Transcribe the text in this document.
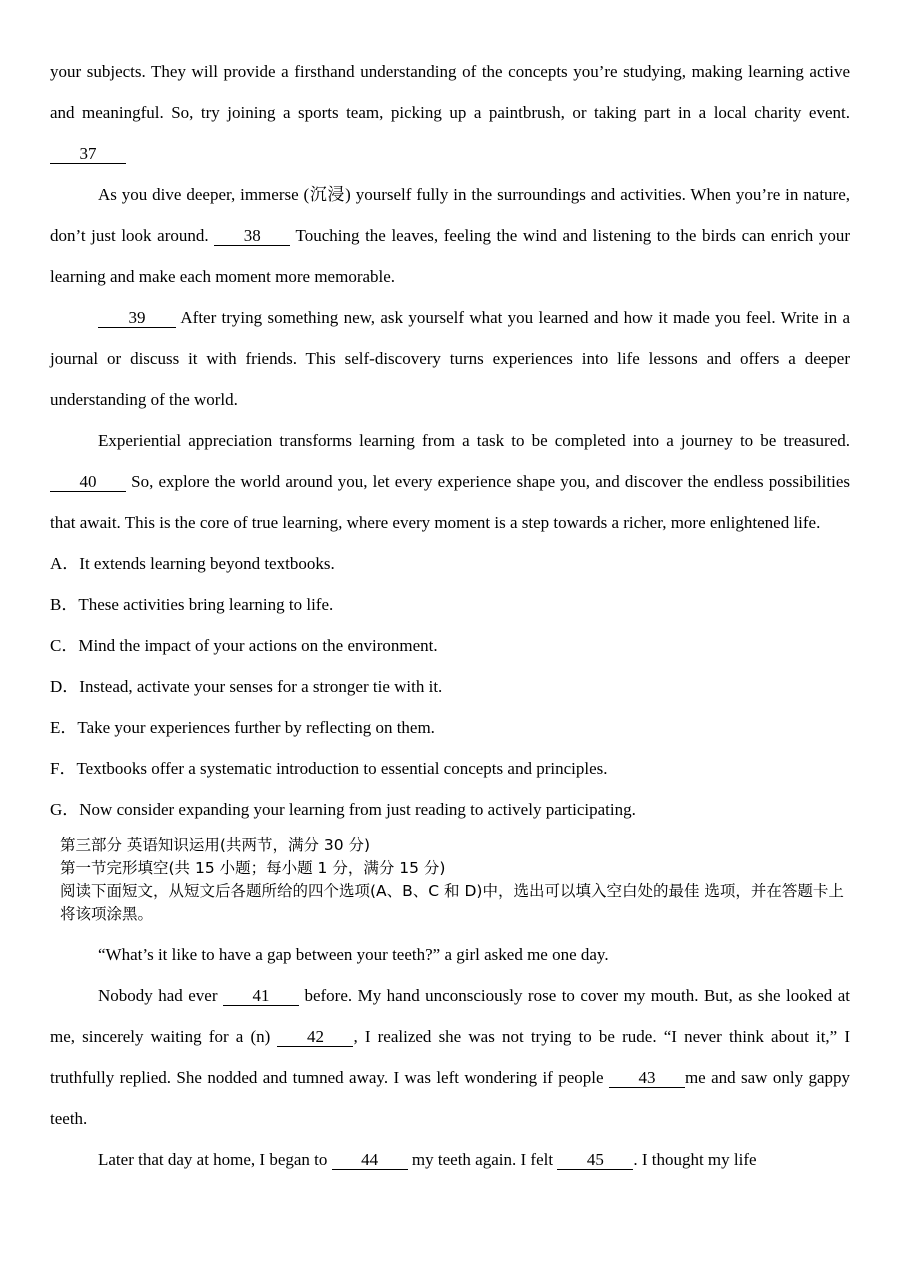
your subjects. They will provide a firsthand understanding of the concepts you’re studying, making learning active and meaningful. So, try joining a sports team, picking up a paintbrush, or taking part in a local charity event. 37

As you dive deeper, immerse (沉浸) yourself fully in the surroundings and activities. When you’re in nature, don’t just look around. 38 Touching the leaves, feeling the wind and listening to the birds can enrich your learning and make each moment more memorable.

39 After trying something new, ask yourself what you learned and how it made you feel. Write in a journal or discuss it with friends. This self-discovery turns experiences into life lessons and offers a deeper understanding of the world.

Experiential appreciation transforms learning from a task to be completed into a journey to be treasured. 40 So, explore the world around you, let every experience shape you, and discover the endless possibilities that await. This is the core of true learning, where every moment is a step towards a richer, more enlightened life.

A．It extends learning beyond textbooks.

B．These activities bring learning to life.

C．Mind the impact of your actions on the environment.

D．Instead, activate your senses for a stronger tie with it.

E．Take your experiences further by reflecting on them.

F．Textbooks offer a systematic introduction to essential concepts and principles.

G．Now consider expanding your learning from just reading to actively participating.

第三部分 英语知识运用(共两节，满分 30 分)

第一节完形填空(共 15 小题；每小题 1 分，满分 15 分)

阅读下面短文，从短文后各题所给的四个选项(A、B、C 和 D)中，选出可以填入空白处的最佳 选项，并在答题卡上将该项涂黑。

“What’s it like to have a gap between your teeth?” a girl asked me one day.

Nobody had ever 41 before. My hand unconsciously rose to cover my mouth. But, as she looked at me, sincerely waiting for a (n) 42 , I realized she was not trying to be rude. “I never think about it,” I truthfully replied. She nodded and tumned away. I was left wondering if people 43 me and saw only gappy teeth.

Later that day at home, I began to 44 my teeth again. I felt 45 . I thought my life
